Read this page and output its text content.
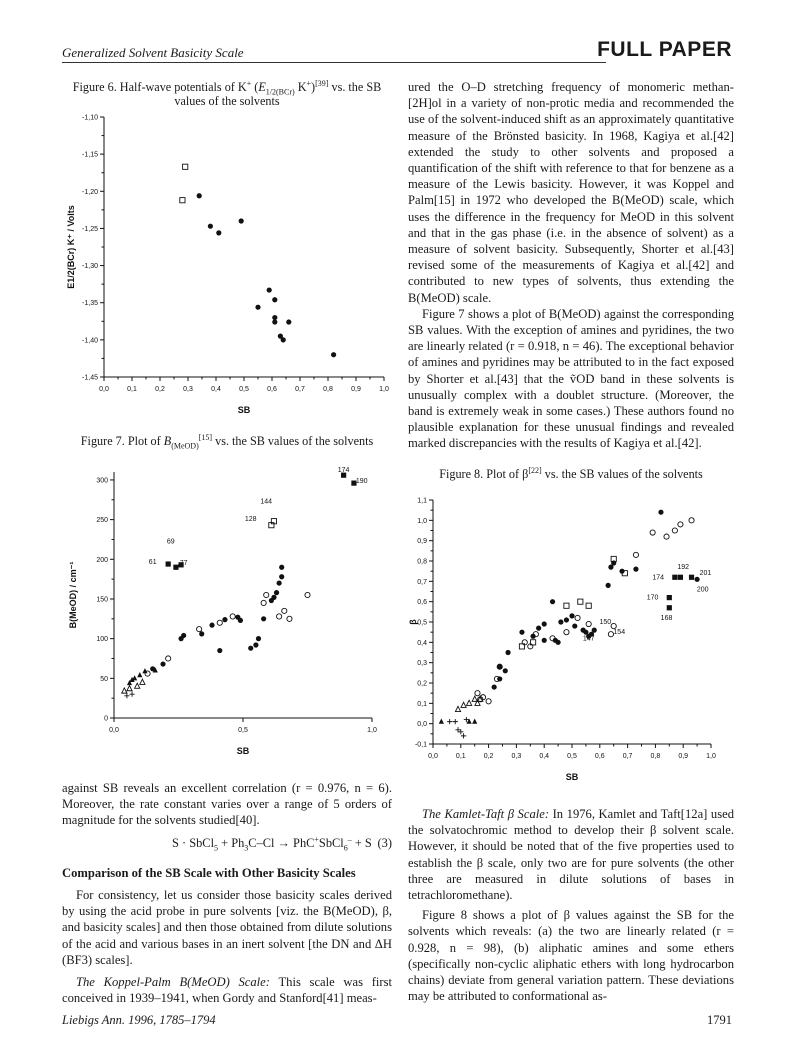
Generalized Solvent Basicity Scale	FULL PAPER
Figure 6. Half-wave potentials of K+ ($E_{1/2(BCr)}$ K+)[39] vs. the SB values of the solvents
0,0	0,1	0,2	0,3	0,4	0,5	0,6	0,7	0,8	0,9	1,0
-1,10
-1,15
-1,20
-1,25
-1,30
-1,35
-1,40
-1,45
SB
E1/2(BCr) K⁺ / Volts
Figure 7. Plot of $B_{(MeOD)}[15]$ vs. the SB values of the solvents
0,0	0,5	1,0
0
50
100
150
200
250
300
SB
B(MeOD) / cm⁻¹
174
190
144
128
69
61	77

against SB reveals an excellent correlation (r = 0.976, n = 6). Moreover, the rate constant varies over a range of 5 orders of magnitude for the solvents studied[40].

S · SbCl$_5$ + $Ph_3C-Cl$ → PhC+SbCl$_6$– + S (3)

Comparison of the SB Scale with Other Basicity Scales

For consistency, let us consider those basicity scales derived by using the acid probe in pure solvents [viz. the B(MeOD), β, and basicity scales] and then those obtained from dilute solutions of the acid and various bases in an inert solvent [the DN and ΔH (BF3) scales].

The Koppel-Palm B(MeOD) Scale: This scale was first conceived in 1939–1941, when Gordy and Stanford[41] meas-

ured the O–D stretching frequency of monomeric methan-[2H]ol in a variety of non-protic media and recommended the use of the solvent-induced shift as an approximately quantitative measure of the Brönsted basicity. In 1968, Kagiya et al.[42] extended the study to other solvents and proposed a quantification of the shift with reference to that for benzene as a measure of the Lewis basicity. However, it was Koppel and Palm[15] in 1972 who developed the B(MeOD) scale, which uses the difference in the frequency for MeOD in this solvent and that in the gas phase (i.e. in the absence of solvent) as a measure of solvent basicity. Subsequently, Shorter et al.[43] revised some of the measurements of Kagiya et al.[42] and contributed to new types of solvents, thus extending the B(MeOD) scale.

Figure 7 shows a plot of B(MeOD) against the corresponding SB values. With the exception of amines and pyridines, the two are linearly related (r = 0.918, n = 46). The exceptional behavior of amines and pyridines may be attributed to in the fact exposed by Shorter et al.[43] that the ṽOD band in these solvents is unusually complex with a doublet structure. (Moreover, the band is extremely weak in some cases.) These authors found no plausible explanation for these unusual findings and revealed marked discrepancies with the results of Kagiya et al.[42].

Figure 8. Plot of β[22] vs. the SB values of the solvents
0,0	0,1	0,2	0,3	0,4	0,5	0,6	0,7	0,8	0,9	1,0
-0,1
0,0
0,1
0,2
0,3
0,4
0,5
0,6
0,7
0,8
0,9
1,0
1,1
SB
β
192
201
174
200
170
168
150
154
147

The Kamlet-Taft β Scale: In 1976, Kamlet and Taft[12a] used the solvatochromic method to develop their β solvent scale. However, it should be noted that of the five properties used to establish the β scale, only two are for pure solvents (the other three are measured in dilute solutions of bases in tetrachloromethane).

Figure 8 shows a plot of β values against the SB for the solvents which reveals: (a) the two are linearly related (r = 0.928, n = 98), (b) aliphatic amines and some ethers (specifically non-cyclic aliphatic ethers with long hydrocarbon chains) deviate from general variation pattern. These deviations may be attributed to conformational as-

Liebigs Ann. 1996, 1785–1794	1791
